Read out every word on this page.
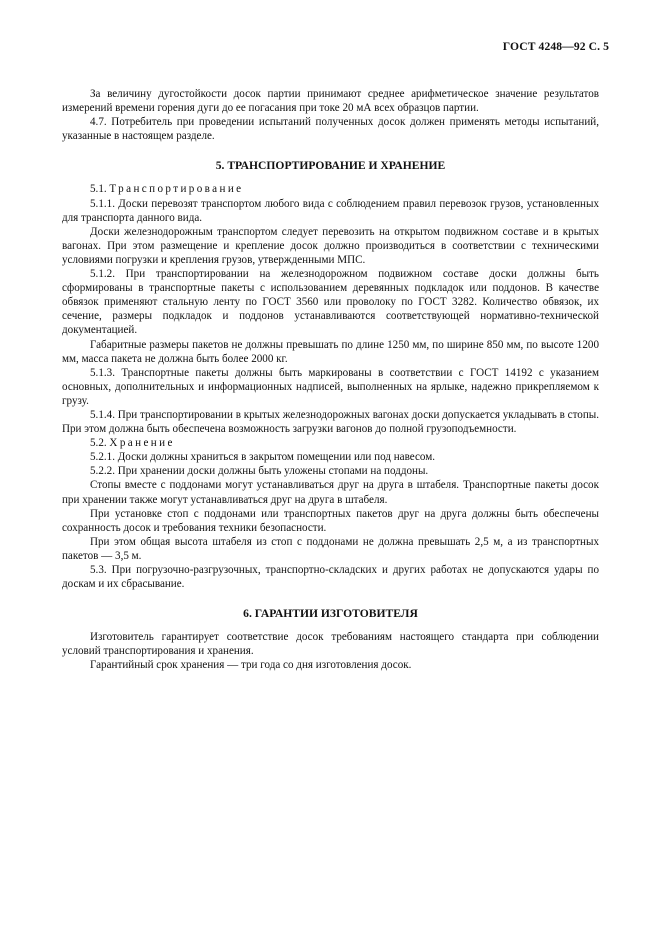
ГОСТ 4248—92 С. 5

За величину дугостойкости досок партии принимают среднее арифметическое значение результатов измерений времени горения дуги до ее погасания при токе 20 мА всех образцов партии.

4.7. Потребитель при проведении испытаний полученных досок должен применять методы испытаний, указанные в настоящем разделе.

5. ТРАНСПОРТИРОВАНИЕ И ХРАНЕНИЕ

5.1. Транспортирование

5.1.1. Доски перевозят транспортом любого вида с соблюдением правил перевозок грузов, установленных для транспорта данного вида.

Доски железнодорожным транспортом следует перевозить на открытом подвижном составе и в крытых вагонах. При этом размещение и крепление досок должно производиться в соответствии с техническими условиями погрузки и крепления грузов, утвержденными МПС.

5.1.2. При транспортировании на железнодорожном подвижном составе доски должны быть сформированы в транспортные пакеты с использованием деревянных подкладок или поддонов. В качестве обвязок применяют стальную ленту по ГОСТ 3560 или проволоку по ГОСТ 3282. Количество обвязок, их сечение, размеры подкладок и поддонов устанавливаются соответствующей нормативно-технической документацией.

Габаритные размеры пакетов не должны превышать по длине 1250 мм, по ширине 850 мм, по высоте 1200 мм, масса пакета не должна быть более 2000 кг.

5.1.3. Транспортные пакеты должны быть маркированы в соответствии с ГОСТ 14192 с указанием основных, дополнительных и информационных надписей, выполненных на ярлыке, надежно прикрепляемом к грузу.

5.1.4. При транспортировании в крытых железнодорожных вагонах доски допускается укладывать в стопы. При этом должна быть обеспечена возможность загрузки вагонов до полной грузоподъемности.

5.2. Хранение

5.2.1. Доски должны храниться в закрытом помещении или под навесом.

5.2.2. При хранении доски должны быть уложены стопами на поддоны.

Стопы вместе с поддонами могут устанавливаться друг на друга в штабеля. Транспортные пакеты досок при хранении также могут устанавливаться друг на друга в штабеля.

При установке стоп с поддонами или транспортных пакетов друг на друга должны быть обеспечены сохранность досок и требования техники безопасности.

При этом общая высота штабеля из стоп с поддонами не должна превышать 2,5 м, а из транспортных пакетов — 3,5 м.

5.3. При погрузочно-разгрузочных, транспортно-складских и других работах не допускаются удары по доскам и их сбрасывание.

6. ГАРАНТИИ ИЗГОТОВИТЕЛЯ

Изготовитель гарантирует соответствие досок требованиям настоящего стандарта при соблюдении условий транспортирования и хранения.

Гарантийный срок хранения — три года со дня изготовления досок.
